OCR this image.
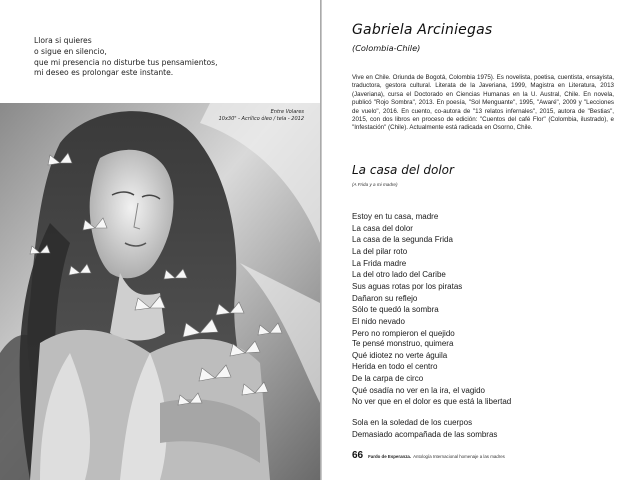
Llora si quieres
o sigue en silencio,
que mi presencia no disturbe tus pensamientos,
mi deseo es prolongar este instante.
Entre Volares
10x30" - Acrílico óleo / tela - 2012
Gabriela Arciniegas
(Colombia-Chile)
Vive en Chile. Oriunda de Bogotá, Colombia 1975). Es novelista, poetisa, cuentista, ensayista, traductora, gestora cultural. Literata de la Javeriana, 1999, Magistra en Literatura, 2013 (Javeriana), cursa el Doctorado en Ciencias Humanas en la U. Austral, Chile. En novela, publicó "Rojo Sombra", 2013. En poesía, "Sol Menguante", 1995, "Awaré", 2009 y "Lecciones de vuelo", 2016. En cuento, co-autora de "13 relatos infernales", 2015, autora de "Bestias", 2015, con dos libros en proceso de edición: "Cuentos del café Flor" (Colombia, ilustrado), e "Infestación" (Chile). Actualmente está radicada en Osorno, Chile.
La casa del dolor
(A Frida y a mi madre)
Estoy en tu casa, madre
La casa del dolor
La casa de la segunda Frida
La del pilar roto
La Frida madre
La del otro lado del Caribe
Sus aguas rotas por los piratas
Dañaron su reflejo
Sólo te quedó la sombra
El nido nevado
Pero no rompieron el quejido
Te pensé monstruo, quimera
Qué idiotez no verte águila
Herida en todo el centro
De la carpa de circo
Qué osadía no ver en la ira, el vagido
No ver que en el dolor es que está la libertad
Sola en la soledad de los cuerpos
Demasiado acompañada de las sombras
66 Fardo de Esperanza. Antología Internacional homenaje a las madres
